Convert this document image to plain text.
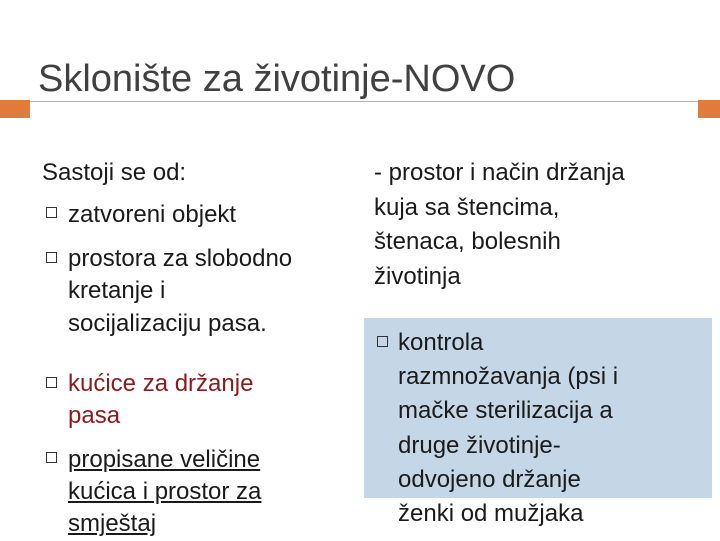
Sklonište za životinje-NOVO
Sastoji se od:
zatvoreni objekt
prostora za slobodno
kretanje i
socijalizaciju pasa.
kućice za držanje
pasa
propisane veličine
kućica i prostor za
smještaj
- prostor i način držanja
kuja sa štencima,
štenaca, bolesnih
životinja
kontrola
razmnožavanja (psi i
mačke sterilizacija a
druge životinje-
odvojeno držanje
ženki od mužjaka
